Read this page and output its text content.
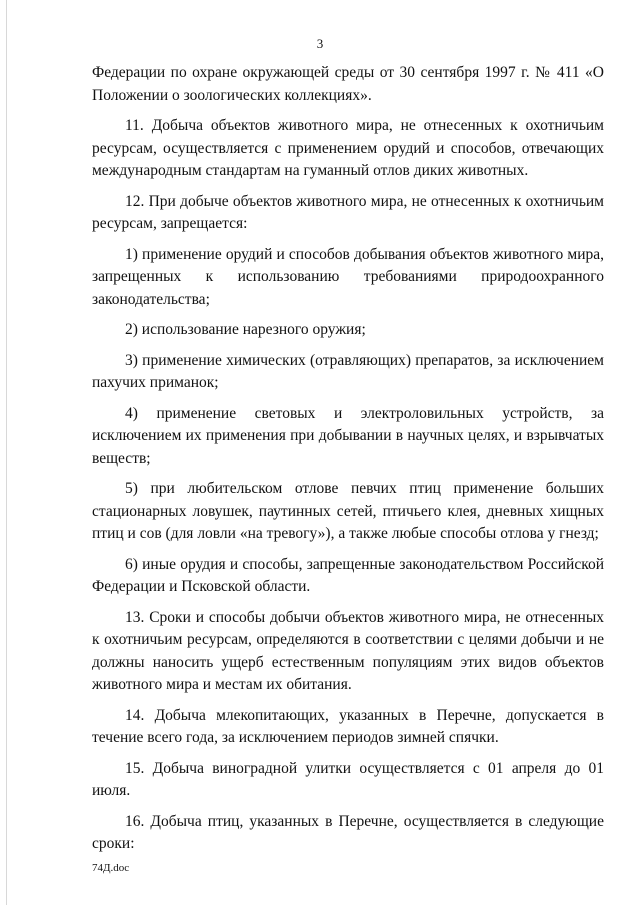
3

Федерации по охране окружающей среды от 30 сентября 1997 г. № 411 «О Положении о зоологических коллекциях».

11. Добыча объектов животного мира, не отнесенных к охотничьим ресурсам, осуществляется с применением орудий и способов, отвечающих международным стандартам на гуманный отлов диких животных.

12. При добыче объектов животного мира, не отнесенных к охотничьим ресурсам, запрещается:

1) применение орудий и способов добывания объектов животного мира, запрещенных к использованию требованиями природоохранного законодательства;

2) использование нарезного оружия;

3) применение химических (отравляющих) препаратов, за исключением пахучих приманок;

4) применение световых и электроловильных устройств, за исключением их применения при добывании в научных целях, и взрывчатых веществ;

5) при любительском отлове певчих птиц применение больших стационарных ловушек, паутинных сетей, птичьего клея, дневных хищных птиц и сов (для ловли «на тревогу»), а также любые способы отлова у гнезд;

6) иные орудия и способы, запрещенные законодательством Российской Федерации и Псковской области.

13. Сроки и способы добычи объектов животного мира, не отнесенных к охотничьим ресурсам, определяются в соответствии с целями добычи и не должны наносить ущерб естественным популяциям этих видов объектов животного мира и местам их обитания.

14. Добыча млекопитающих, указанных в Перечне, допускается в течение всего года, за исключением периодов зимней спячки.

15. Добыча виноградной улитки осуществляется с 01 апреля до 01 июля.

16. Добыча птиц, указанных в Перечне, осуществляется в следующие сроки:

74Д.doc
